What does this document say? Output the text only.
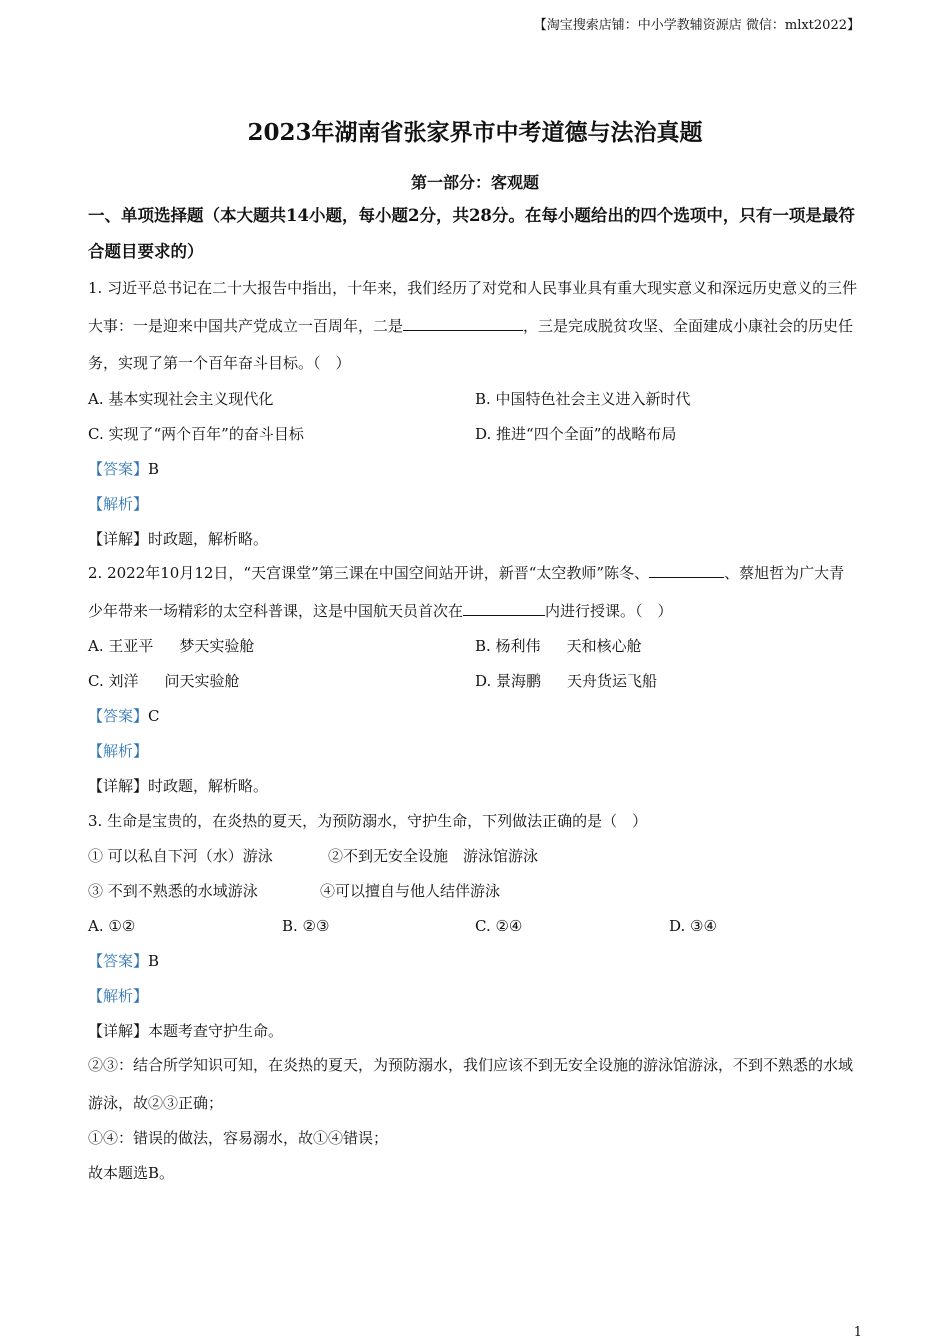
【淘宝搜索店铺：中小学教辅资源店 微信：mlxt2022】
2023年湖南省张家界市中考道德与法治真题
第一部分：客观题
一、单项选择题（本大题共14小题，每小题2分，共28分。在每小题给出的四个选项中，只有一项是最符合题目要求的）
1. 习近平总书记在二十大报告中指出，十年来，我们经历了对党和人民事业具有重大现实意义和深远历史意义的三件大事：一是迎来中国共产党成立一百周年，二是	，三是完成脱贫攻坚、全面建成小康社会的历史任务，实现了第一个百年奋斗目标。（　）
A. 基本实现社会主义现代化	B. 中国特色社会主义进入新时代
C. 实现了“两个百年”的奋斗目标	D. 推进“四个全面”的战略布局
【答案】B
【解析】
【详解】时政题，解析略。
2. 2022年10月12日，“天宫课堂”第三课在中国空间站开讲，新晋“太空教师”陈冬、	、蔡旭哲为广大青少年带来一场精彩的太空科普课，这是中国航天员首次在	内进行授课。（　）
A. 王亚平 梦天实验舱	B. 杨利伟 天和核心舱
C. 刘洋 问天实验舱	D. 景海鹏 天舟货运飞船
【答案】C
【解析】
【详解】时政题，解析略。
3. 生命是宝贵的，在炎热的夏天，为预防溺水，守护生命，下列做法正确的是（　）
① 可以私自下河（水）游泳	②不到无安全设施　游泳馆游泳
③ 不到不熟悉的水域游泳	④可以擅自与他人结伴游泳
A. ①②	B. ②③	C. ②④	D. ③④
【答案】B
【解析】
【详解】本题考查守护生命。
②③：结合所学知识可知，在炎热的夏天，为预防溺水，我们应该不到无安全设施的游泳馆游泳，不到不熟悉的水域游泳，故②③正确；
①④：错误的做法，容易溺水，故①④错误；
故本题选B。
1
